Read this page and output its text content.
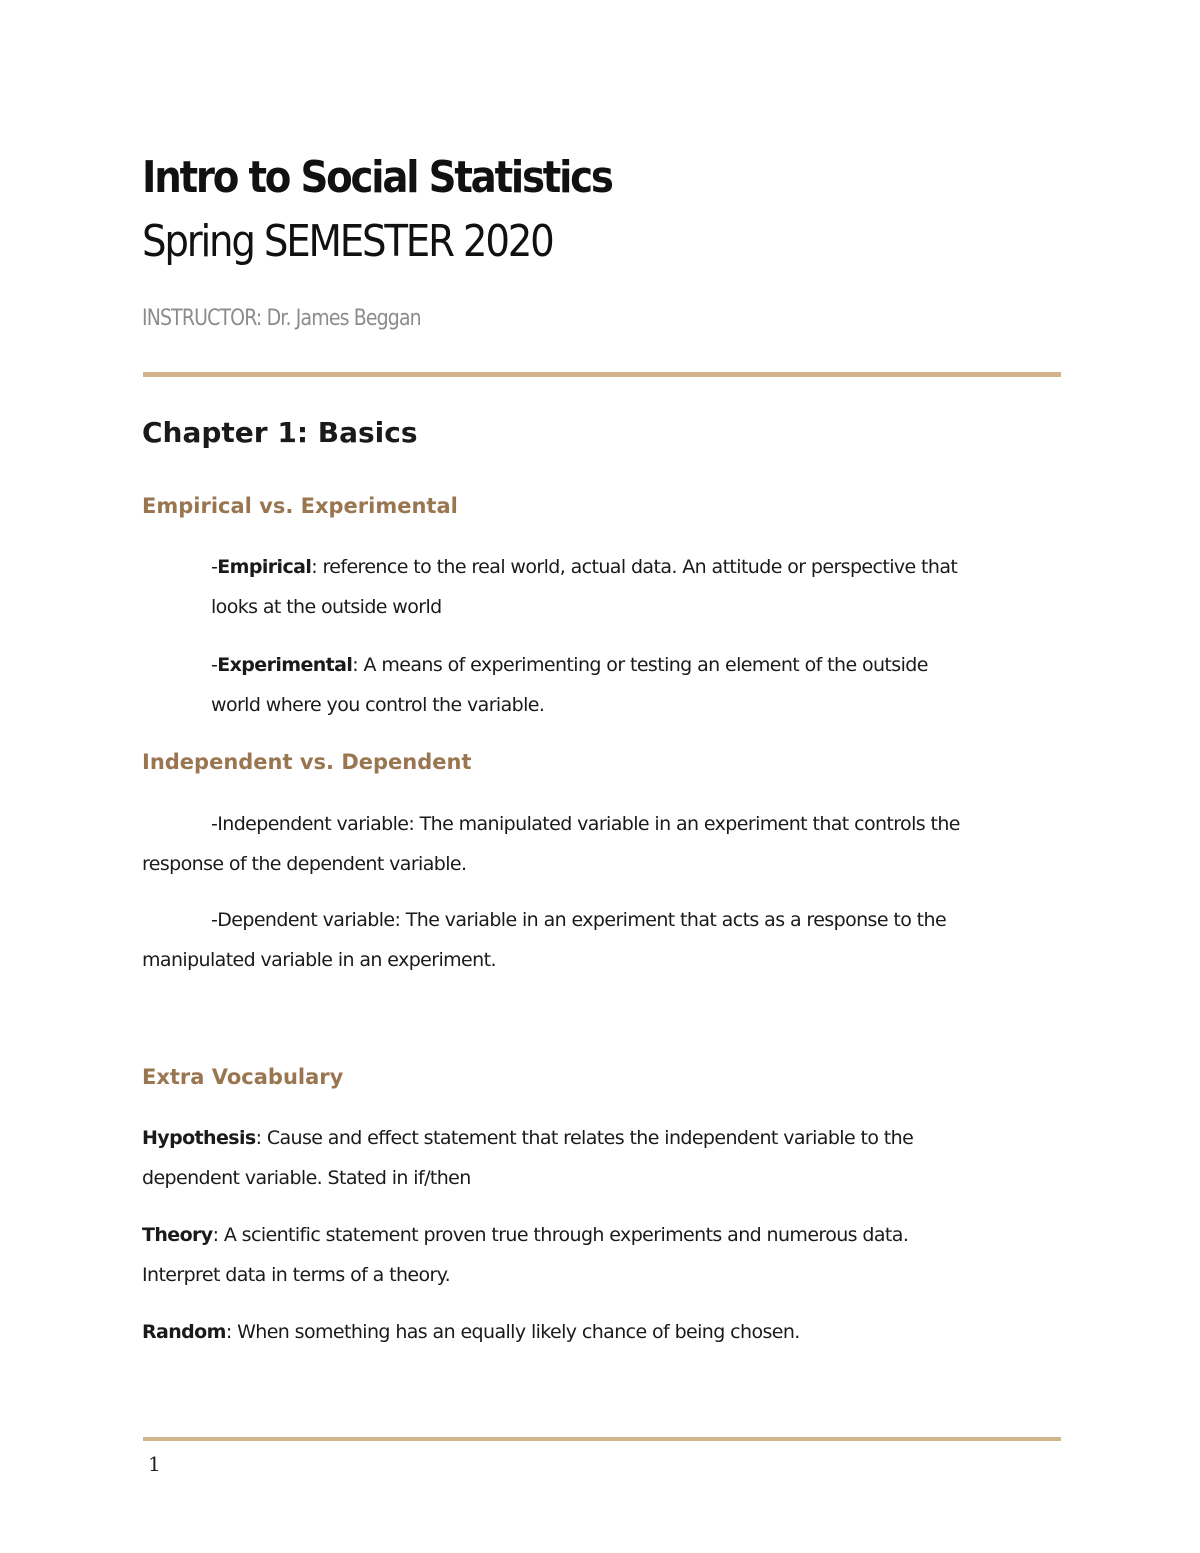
Intro to Social Statistics
Spring SEMESTER 2020
INSTRUCTOR: Dr. James Beggan
Chapter 1: Basics
Empirical vs. Experimental
-Empirical: reference to the real world, actual data. An attitude or perspective that
looks at the outside world
-Experimental: A means of experimenting or testing an element of the outside
world where you control the variable.
Independent vs. Dependent
-Independent variable: The manipulated variable in an experiment that controls the
response of the dependent variable.
-Dependent variable: The variable in an experiment that acts as a response to the
manipulated variable in an experiment.
Extra Vocabulary
Hypothesis: Cause and effect statement that relates the independent variable to the
dependent variable. Stated in if/then
Theory: A scientific statement proven true through experiments and numerous data.
Interpret data in terms of a theory.
Random: When something has an equally likely chance of being chosen.
1
